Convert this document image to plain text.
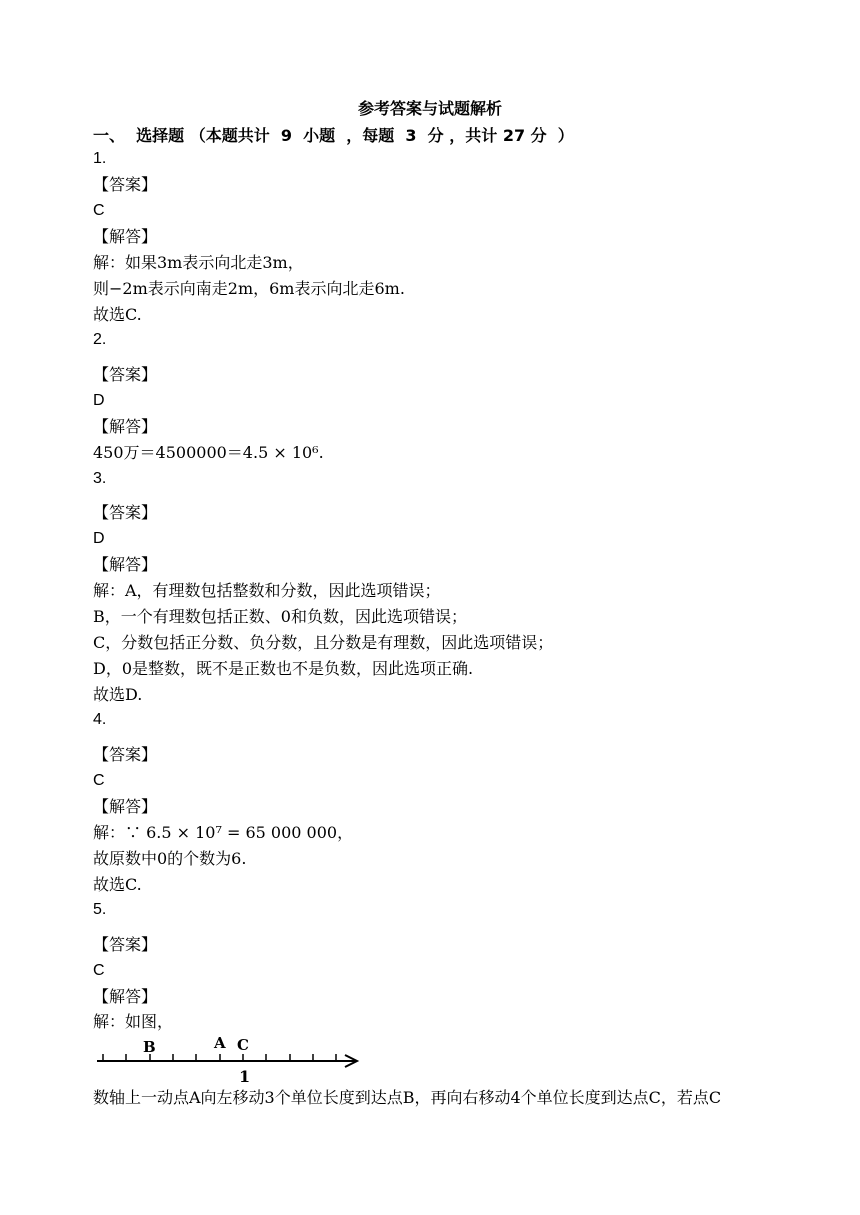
参考答案与试题解析
一、  选择题 （本题共计  9  小题  ，每题  3  分 ，共计 27 分  ）
1.
【答案】
C
【解答】
解：如果3m表示向北走3m，
则−2m表示向南走2m，6m表示向北走6m.
故选C.
2.
【答案】
D
【解答】
450万＝4500000＝4.5 × 10⁶.
3.
【答案】
D
【解答】
解：A，有理数包括整数和分数，因此选项错误；
B，一个有理数包括正数、0和负数，因此选项错误；
C，分数包括正分数、负分数，且分数是有理数，因此选项错误；
D，0是整数，既不是正数也不是负数，因此选项正确.
故选D.
4.
【答案】
C
【解答】
解：∵ 6.5 × 10⁷ = 65 000 000，
故原数中0的个数为6.
故选C.
5.
【答案】
C
【解答】
解：如图，
B	A C
1
数轴上一动点A向左移动3个单位长度到达点B，再向右移动4个单位长度到达点C，若点C
